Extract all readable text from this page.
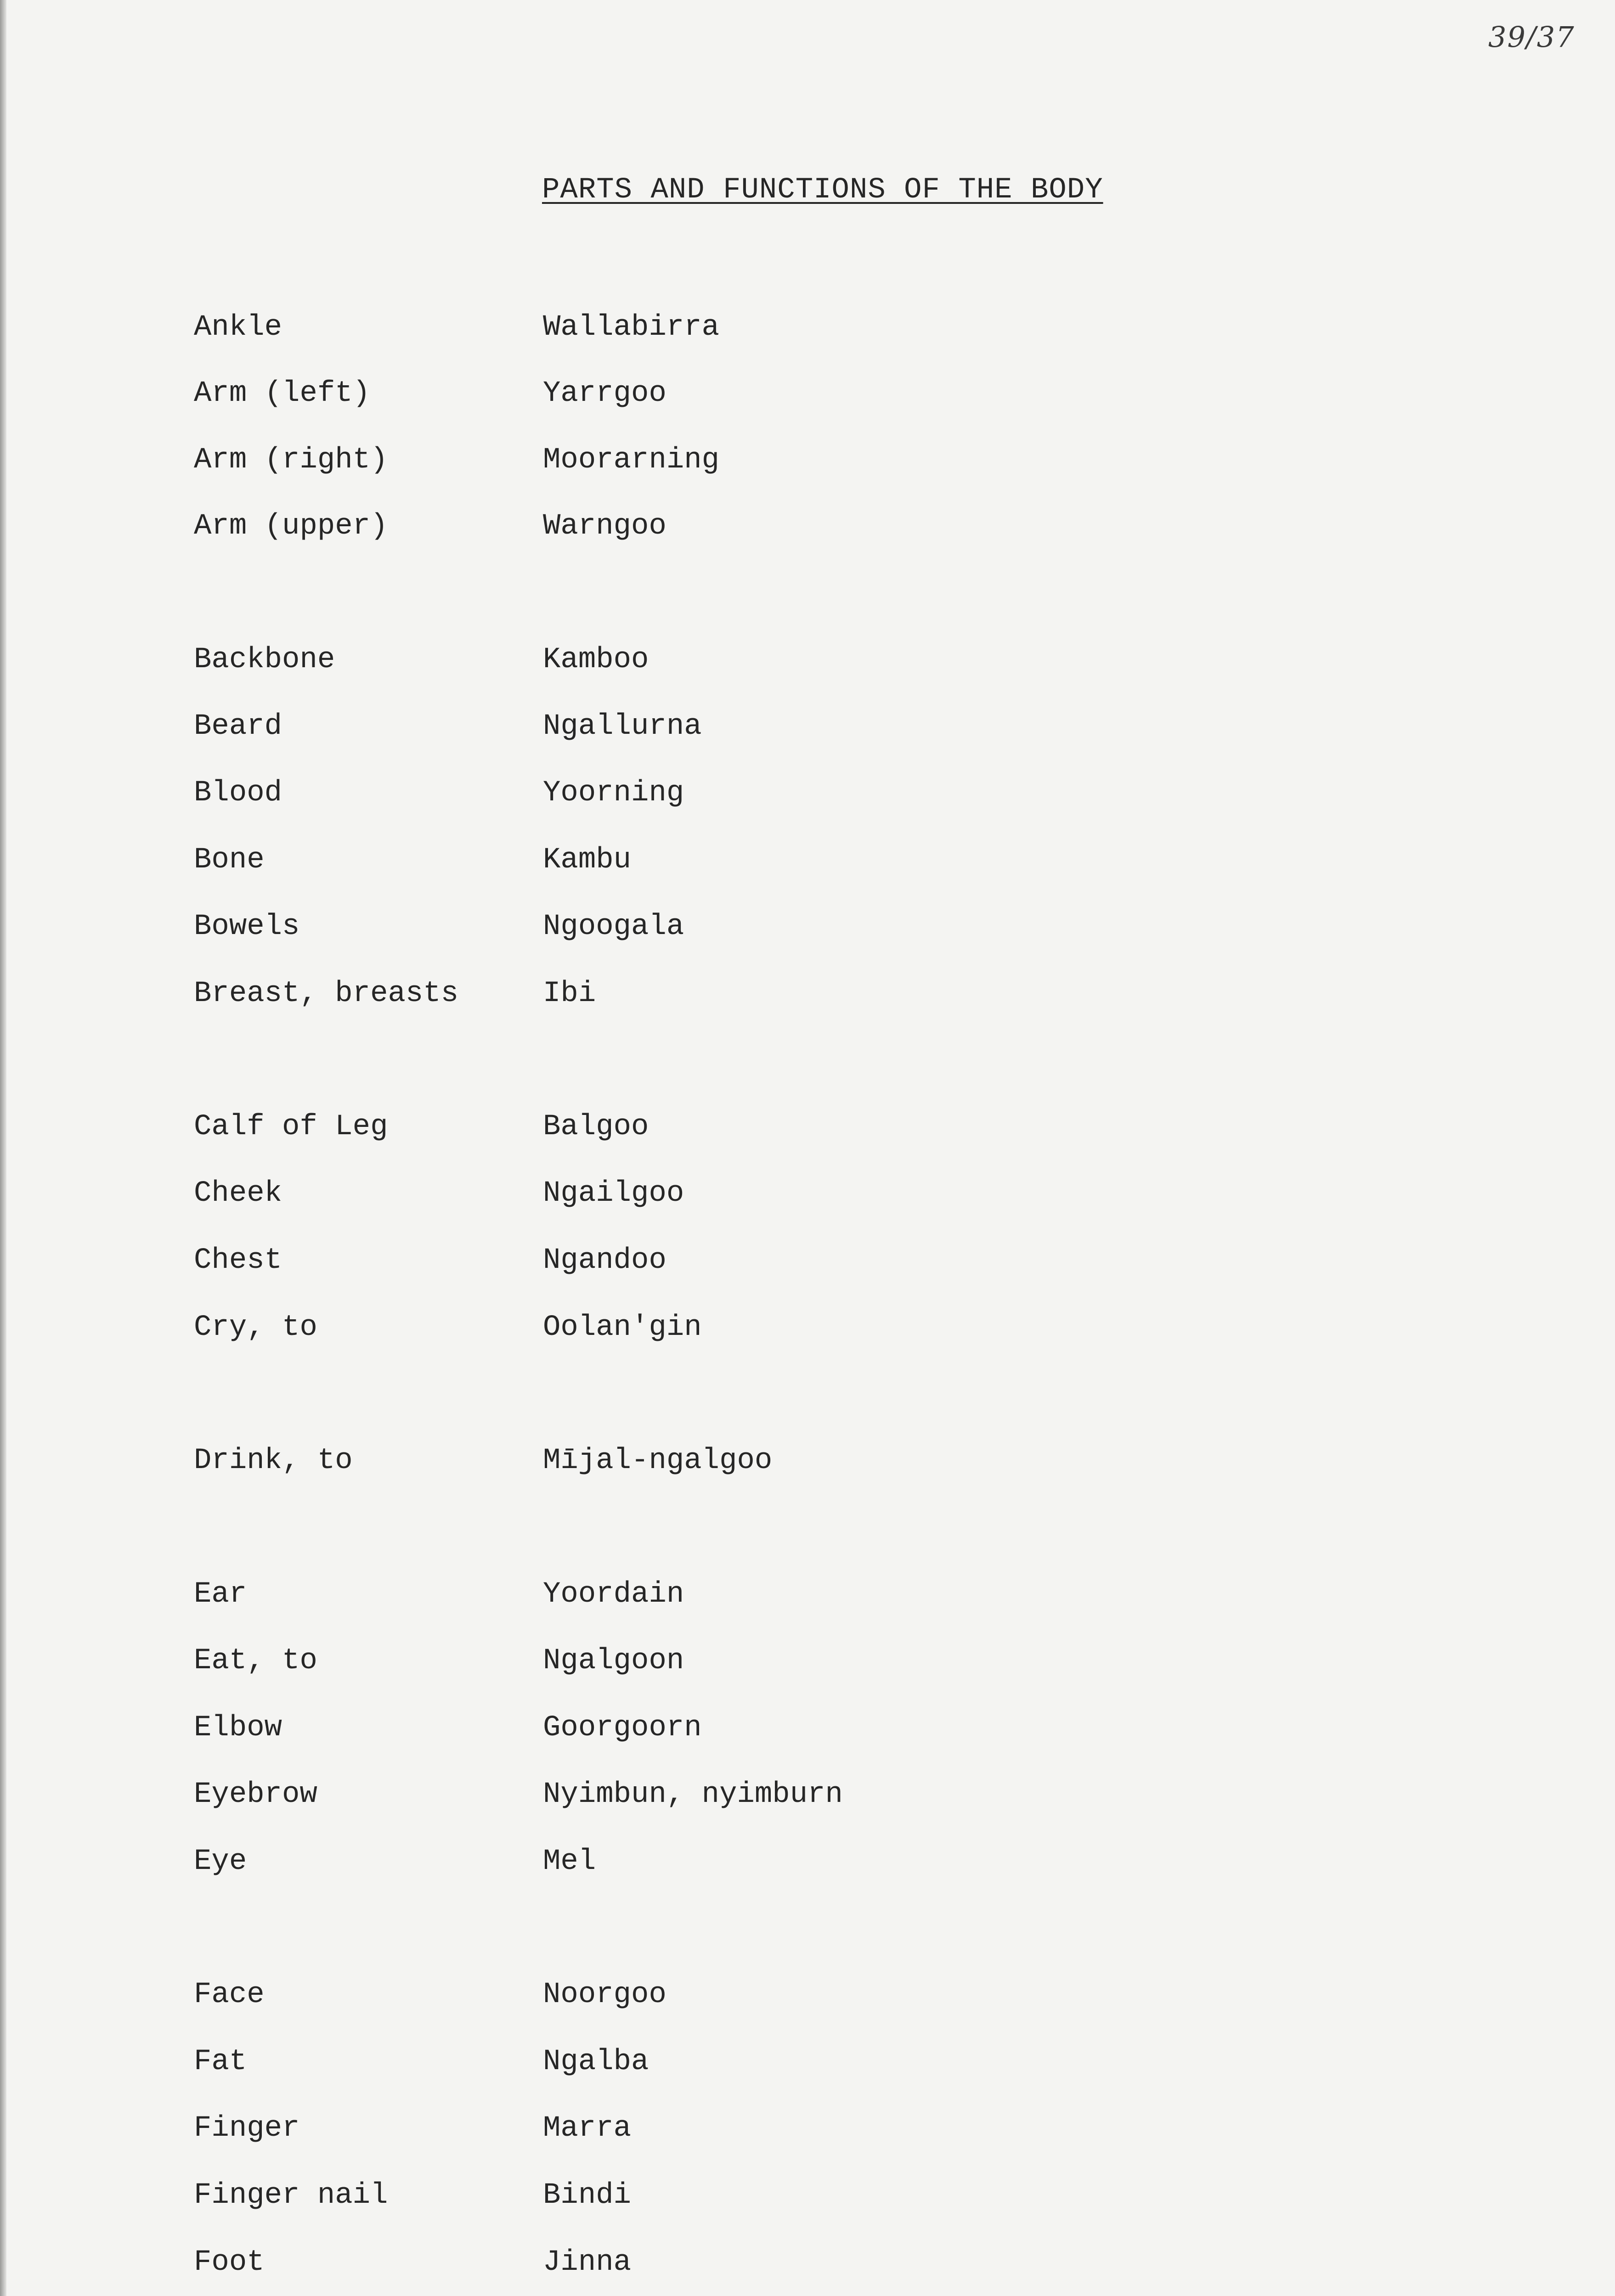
39/37
PARTS AND FUNCTIONS OF THE BODY
Ankle	Wallabirra
Arm (left)	Yarrgoo
Arm (right)	Moorarning
Arm (upper)	Warngoo
Backbone	Kamboo
Beard	Ngallurna
Blood	Yoorning
Bone	Kambu
Bowels	Ngoogala
Breast, breasts	Ibi
Calf of Leg	Balgoo
Cheek	Ngailgoo
Chest	Ngandoo
Cry, to	Oolan'gin
Drink, to	Mījal-ngalgoo
Ear	Yoordain
Eat, to	Ngalgoon
Elbow	Goorgoorn
Eyebrow	Nyimbun, nyimburn
Eye	Mel
Face	Noorgoo
Fat	Ngalba
Finger	Marra
Finger nail	Bindi
Foot	Jinna
